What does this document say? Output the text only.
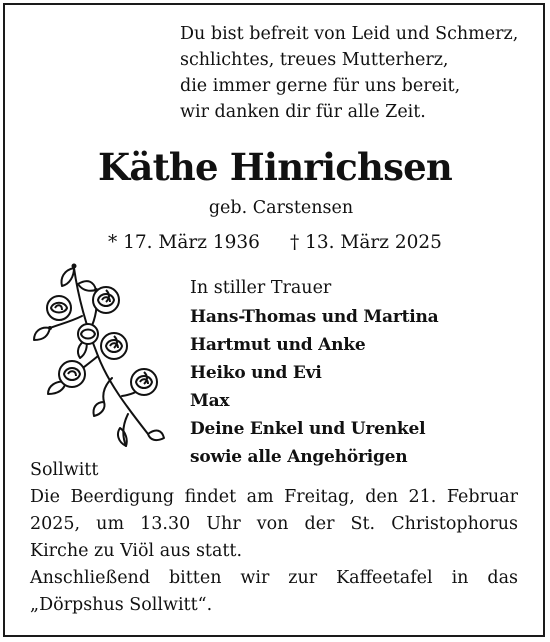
Du bist befreit von Leid und Schmerz,
schlichtes, treues Mutterherz,
die immer gerne für uns bereit,
wir danken dir für alle Zeit.
Käthe Hinrichsen
geb. Carstensen
* 17. März 1936 † 13. März 2025
In stiller Trauer
Hans-Thomas und Martina
Hartmut und Anke
Heiko und Evi
Max
Deine Enkel und Urenkel
sowie alle Angehörigen
Sollwitt
Die Beerdigung findet am Freitag, den 21. Februar
2025, um 13.30 Uhr von der St. Christophorus
Kirche zu Viöl aus statt.
Anschließend bitten wir zur Kaffeetafel in das
„Dörpshus Sollwitt“.
